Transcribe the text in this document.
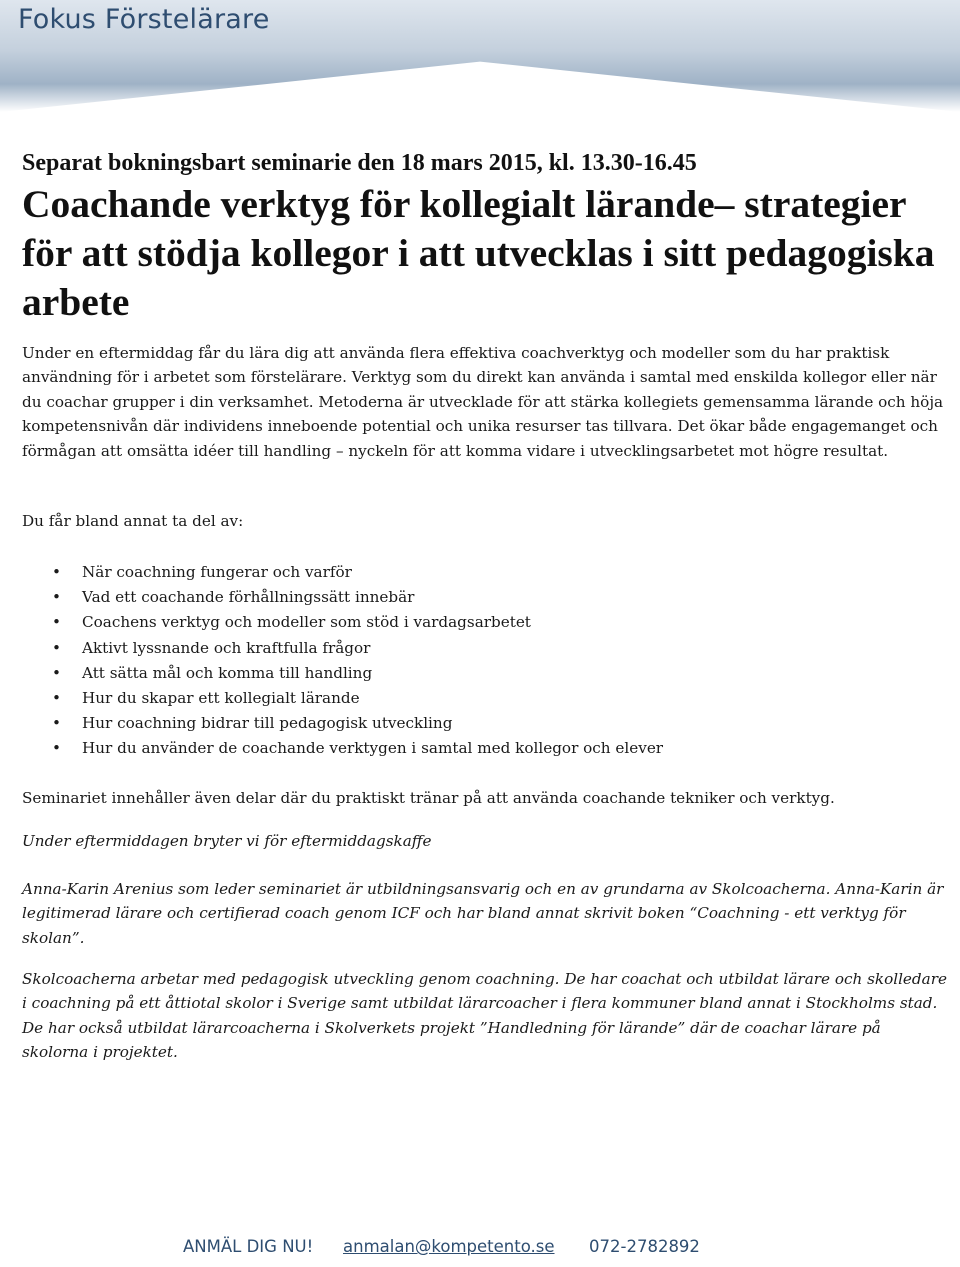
Fokus Förstelärare
Separat bokningsbart seminarie den 18 mars 2015, kl. 13.30-16.45
Coachande verktyg för kollegialt lärande– strategier för att stödja kollegor i att utvecklas i sitt pedagogiska arbete
Under en eftermiddag får du lära dig att använda flera effektiva coachverktyg och modeller som du har praktisk användning för i arbetet som förstelärare. Verktyg som du direkt kan använda i samtal med enskilda kollegor eller när du coachar grupper i din verksamhet. Metoderna är utvecklade för att stärka kollegiets gemensamma lärande och höja kompetensnivån där individens inneboende potential och unika resurser tas tillvara. Det ökar både engagemanget och förmågan att omsätta idéer till handling – nyckeln för att komma vidare i utvecklingsarbetet mot högre resultat.
Du får bland annat ta del av:
• När coachning fungerar och varför
• Vad ett coachande förhållningssätt innebär
• Coachens verktyg och modeller som stöd i vardagsarbetet
• Aktivt lyssnande och kraftfulla frågor
• Att sätta mål och komma till handling
• Hur du skapar ett kollegialt lärande
• Hur coachning bidrar till pedagogisk utveckling
• Hur du använder de coachande verktygen i samtal med kollegor och elever
Seminariet innehåller även delar där du praktiskt tränar på att använda coachande tekniker och verktyg.
Under eftermiddagen bryter vi för eftermiddagskaffe
Anna-Karin Arenius som leder seminariet är utbildningsansvarig och en av grundarna av Skolcoacherna. Anna-Karin är legitimerad lärare och certifierad coach genom ICF och har bland annat skrivit boken “Coachning - ett verktyg för skolan”.
Skolcoacherna arbetar med pedagogisk utveckling genom coachning. De har coachat och utbildat lärare och skolledare i coachning på ett åttiotal skolor i Sverige samt utbildat lärarcoacher i flera kommuner bland annat i Stockholms stad. De har också utbildat lärarcoacherna i Skolverkets projekt ”Handledning för lärande” där de coachar lärare på skolorna i projektet.
ANMÄL DIG NU! anmalan@kompetento.se 072-2782892
